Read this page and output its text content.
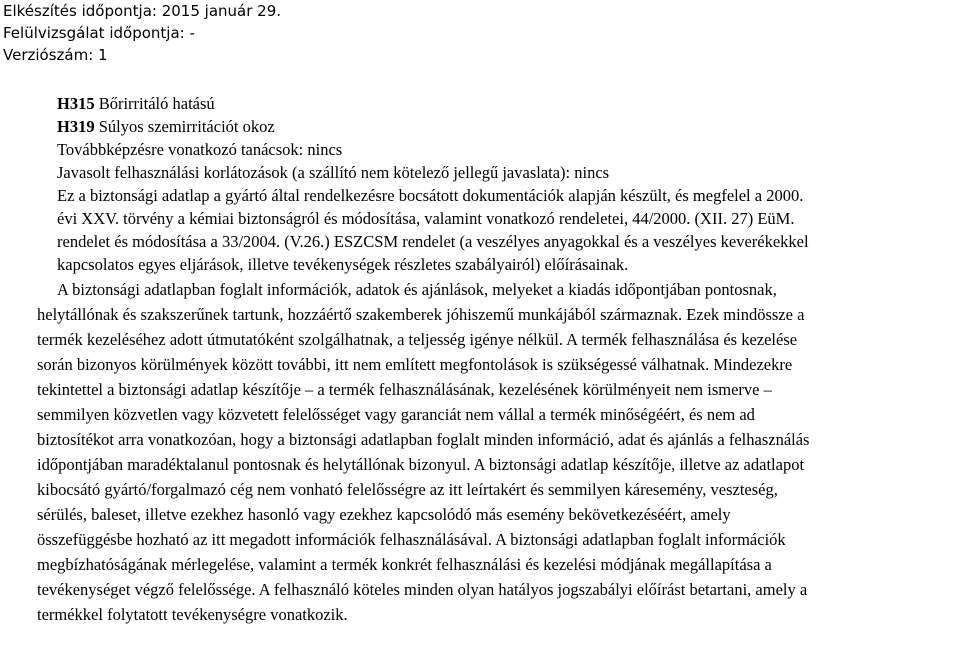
Elkészítés időpontja: 2015 január 29.
Felülvizsgálat időpontja: -
Verziószám: 1
H315 Bőrirritáló hatású
H319 Súlyos szemirritációt okoz
Továbbképzésre vonatkozó tanácsok: nincs
Javasolt felhasználási korlátozások (a szállító nem kötelező jellegű javaslata): nincs
Ez a biztonsági adatlap a gyártó által rendelkezésre bocsátott dokumentációk alapján készült, és megfelel a 2000.
évi XXV. törvény a kémiai biztonságról és módosítása, valamint vonatkozó rendeletei, 44/2000. (XII. 27) EüM.
rendelet és módosítása a 33/2004. (V.26.) ESZCSM rendelet (a veszélyes anyagokkal és a veszélyes keverékekkel
kapcsolatos egyes eljárások, illetve tevékenységek részletes szabályairól) előírásainak.
A biztonsági adatlapban foglalt információk, adatok és ajánlások, melyeket a kiadás időpontjában pontosnak,
helytállónak és szakszerűnek tartunk, hozzáértő szakemberek jóhiszemű munkájából származnak. Ezek mindössze a
termék kezeléséhez adott útmutatóként szolgálhatnak, a teljesség igénye nélkül. A termék felhasználása és kezelése
során bizonyos körülmények között további, itt nem említett megfontolások is szükségessé válhatnak. Mindezekre
tekintettel a biztonsági adatlap készítője – a termék felhasználásának, kezelésének körülményeit nem ismerve –
semmilyen közvetlen vagy közvetett felelősséget vagy garanciát nem vállal a termék minőségéért, és nem ad
biztosítékot arra vonatkozóan, hogy a biztonsági adatlapban foglalt minden információ, adat és ajánlás a felhasználás
időpontjában maradéktalanul pontosnak és helytállónak bizonyul. A biztonsági adatlap készítője, illetve az adatlapot
kibocsátó gyártó/forgalmazó cég nem vonható felelősségre az itt leírtakért és semmilyen káresemény, veszteség,
sérülés, baleset, illetve ezekhez hasonló vagy ezekhez kapcsolódó más esemény bekövetkezéséért, amely
összefüggésbe hozható az itt megadott információk felhasználásával. A biztonsági adatlapban foglalt információk
megbízhatóságának mérlegelése, valamint a termék konkrét felhasználási és kezelési módjának megállapítása a
tevékenységet végző felelőssége. A felhasználó köteles minden olyan hatályos jogszabályi előírást betartani, amely a
termékkel folytatott tevékenységre vonatkozik.
